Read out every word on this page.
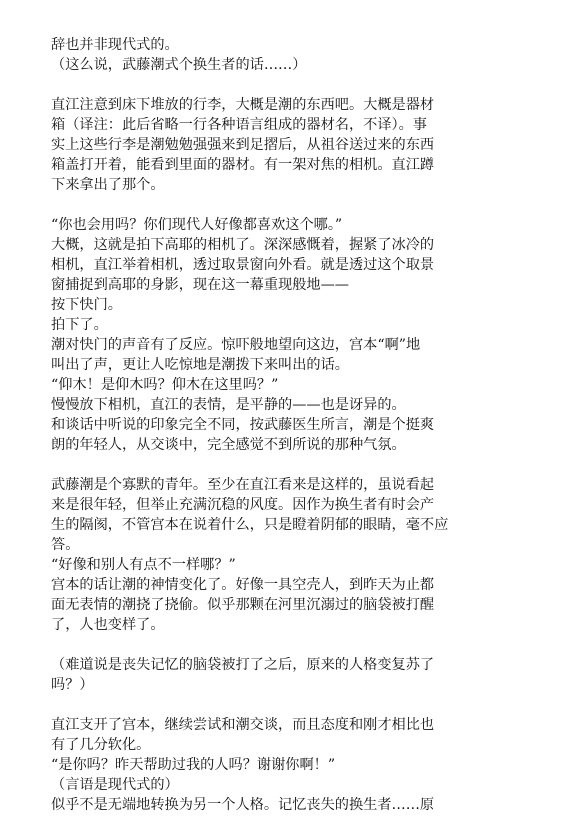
辞也并非现代式的。
（这么说，武藤潮式个换生者的话……）
直江注意到床下堆放的行李，大概是潮的东西吧。大概是器材
箱（译注：此后省略一行各种语言组成的器材名，不译）。事
实上这些行李是潮勉勉强强来到足摺后，从祖谷送过来的东西
箱盖打开着，能看到里面的器材。有一架对焦的相机。直江蹲
下来拿出了那个。
“你也会用吗？你们现代人好像都喜欢这个哪。”
大概，这就是拍下高耶的相机了。深深感慨着，握紧了冰冷的
相机，直江举着相机，透过取景窗向外看。就是透过这个取景
窗捕捉到高耶的身影，现在这一幕重现般地——
按下快门。
拍下了。
潮对快门的声音有了反应。惊吓般地望向这边，宫本“啊”地
叫出了声，更让人吃惊地是潮拨下来叫出的话。
“仰木！是仰木吗？仰木在这里吗？”
慢慢放下相机，直江的表情，是平静的——也是讶异的。
和谈话中听说的印象完全不同，按武藤医生所言，潮是个挺爽
朗的年轻人，从交谈中，完全感觉不到所说的那种气氛。
武藤潮是个寡默的青年。至少在直江看来是这样的，虽说看起
来是很年轻，但举止充满沉稳的风度。因作为换生者有时会产
生的隔阂，不管宫本在说着什么，只是瞪着阴郁的眼睛，毫不应
答。
“好像和别人有点不一样哪？”
宫本的话让潮的神情变化了。好像一具空壳人，到昨天为止都
面无表情的潮挠了挠偷。似乎那颗在河里沉溺过的脑袋被打醒
了，人也变样了。
（难道说是丧失记忆的脑袋被打了之后，原来的人格变复苏了
吗？）
直江支开了宫本，继续尝试和潮交谈，而且态度和刚才相比也
有了几分软化。
“是你吗？昨天帮助过我的人吗？谢谢你啊！”
（言语是现代式的）
似乎不是无端地转换为另一个人格。记忆丧失的换生者……原
